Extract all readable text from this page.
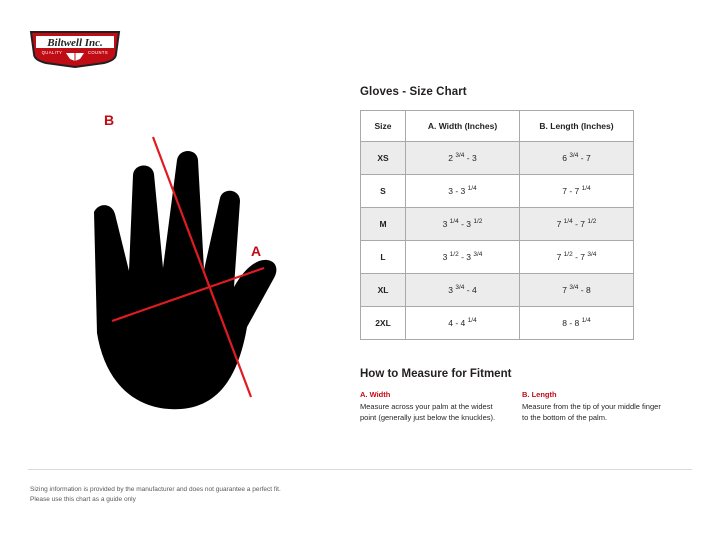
Biltwell Inc.
QUALITY	COUNTS
B
A
Gloves - Size Chart
Size	A. Width (Inches)	B. Length (Inches)
XS	2 $^{3/4}$ - 3	6 $^{3/4}$ - 7
S	3 - 3 $^{1/4}$	7 - 7 $^{1/4}$
M	3 $^{1/4}$ - 3 $^{1/2}$	7 $^{1/4}$ - 7 $^{1/2}$
L	3 $^{1/2}$ - 3 $^{3/4}$	7 $^{1/2}$ - 7 $^{3/4}$
XL	3 $^{3/4}$ - 4	7 $^{3/4}$ - 8
2XL	4 - 4 $^{1/4}$	8 - 8 $^{1/4}$
How to Measure for Fitment
A. Width
Measure across your palm at the widest point (generally just below the knuckles).
B. Length
Measure from the tip of your middle finger to the bottom of the palm.
Sizing information is provided by the manufacturer and does not guarantee a perfect fit.
Please use this chart as a guide only
